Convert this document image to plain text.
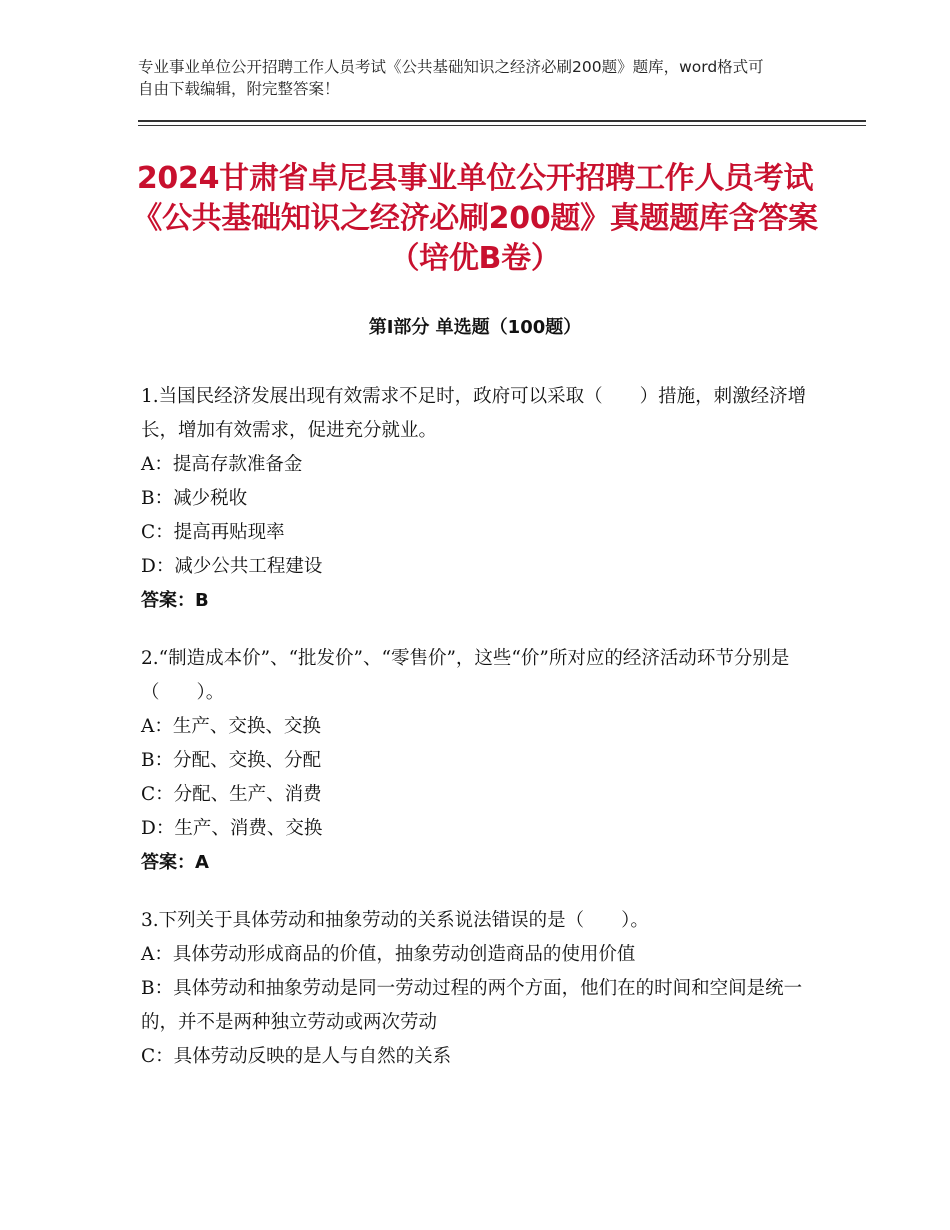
专业事业单位公开招聘工作人员考试《公共基础知识之经济必刷200题》题库，word格式可自由下载编辑，附完整答案！
2024甘肃省卓尼县事业单位公开招聘工作人员考试《公共基础知识之经济必刷200题》真题题库含答案（培优B卷）
第Ⅰ部分 单选题（100题）
1.当国民经济发展出现有效需求不足时，政府可以采取（　　）措施，刺激经济增长，增加有效需求，促进充分就业。
A：提高存款准备金
B：减少税收
C：提高再贴现率
D：减少公共工程建设
答案：B
2.“制造成本价”、“批发价”、“零售价”，这些“价”所对应的经济活动环节分别是（　　）。
A：生产、交换、交换
B：分配、交换、分配
C：分配、生产、消费
D：生产、消费、交换
答案：A
3.下列关于具体劳动和抽象劳动的关系说法错误的是（　　）。
A：具体劳动形成商品的价值，抽象劳动创造商品的使用价值
B：具体劳动和抽象劳动是同一劳动过程的两个方面，他们在的时间和空间是统一的，并不是两种独立劳动或两次劳动
C：具体劳动反映的是人与自然的关系
